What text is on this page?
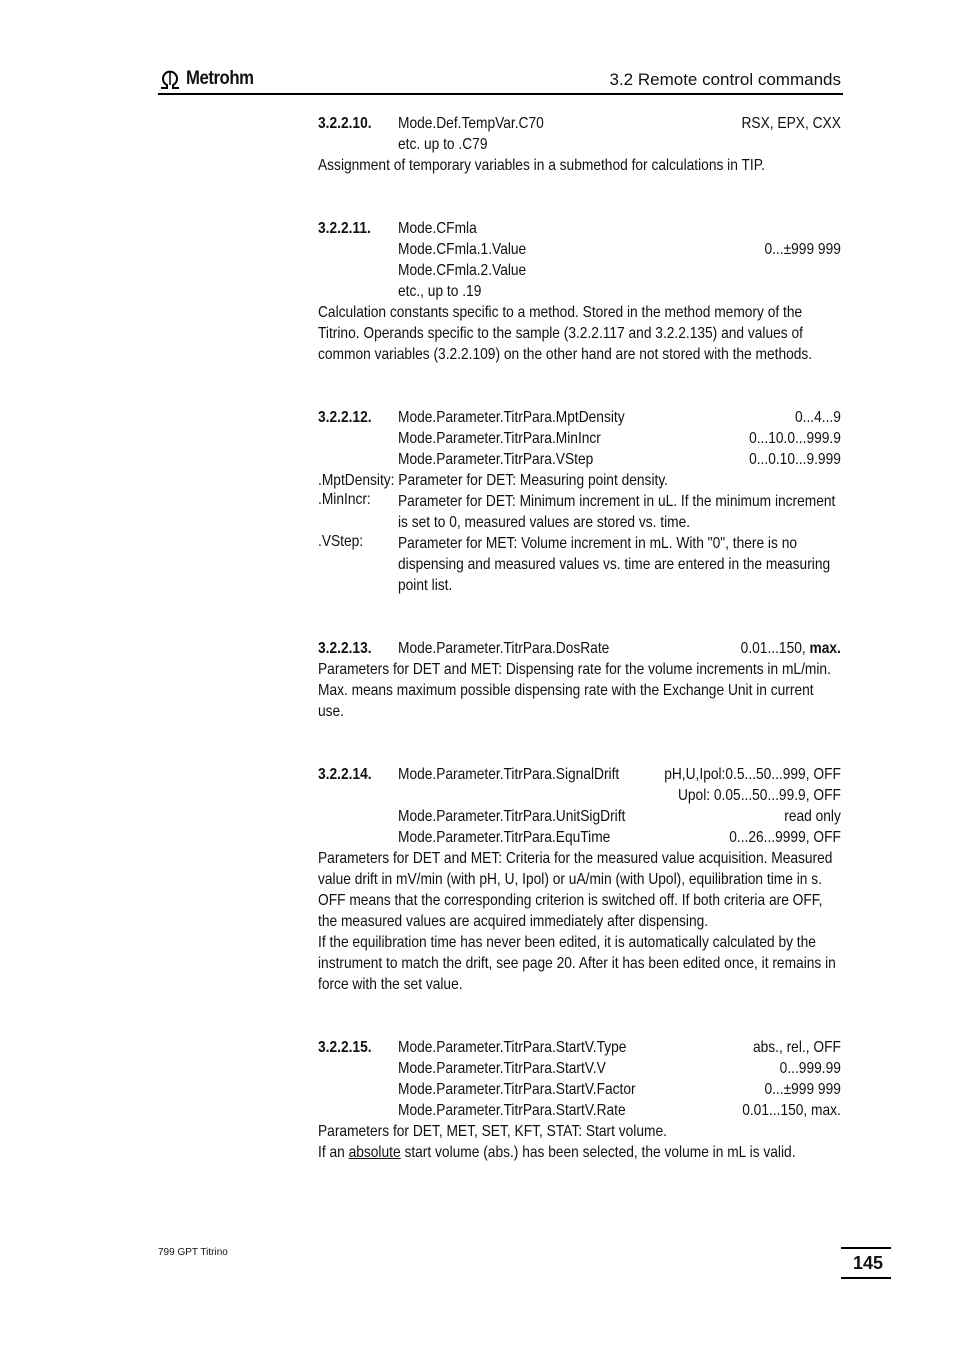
Metrohm	3.2 Remote control commands
3.2.2.10. Mode.Def.TempVar.C70	RSX, EPX, CXX
etc. up to .C79
Assignment of temporary variables in a submethod for calculations in TIP.
3.2.2.11. Mode.CFmla
Mode.CFmla.1.Value	0...±999 999
Mode.CFmla.2.Value
etc., up to .19
Calculation constants specific to a method. Stored in the method memory of the Titrino. Operands specific to the sample (3.2.2.117 and 3.2.2.135) and values of common variables (3.2.2.109) on the other hand are not stored with the methods.
3.2.2.12. Mode.Parameter.TitrPara.MptDensity	0...4...9
Mode.Parameter.TitrPara.MinIncr	0...10.0...999.9
Mode.Parameter.TitrPara.VStep	0...0.10...9.999
.MptDensity: Parameter for DET: Measuring point density.
.MinIncr: Parameter for DET: Minimum increment in uL. If the minimum increment is set to 0, measured values are stored vs. time.
.VStep: Parameter for MET: Volume increment in mL. With "0", there is no dispensing and measured values vs. time are entered in the measuring point list.
3.2.2.13. Mode.Parameter.TitrPara.DosRate	0.01...150, max.
Parameters for DET and MET: Dispensing rate for the volume increments in mL/min. Max. means maximum possible dispensing rate with the Exchange Unit in current use.
3.2.2.14. Mode.Parameter.TitrPara.SignalDrift	pH,U,Ipol:0.5...50...999, OFF
Upol: 0.05...50...99.9, OFF
Mode.Parameter.TitrPara.UnitSigDrift	read only
Mode.Parameter.TitrPara.EquTime	0...26...9999, OFF
Parameters for DET and MET: Criteria for the measured value acquisition. Measured value drift in mV/min (with pH, U, Ipol) or uA/min (with Upol), equilibration time in s. OFF means that the corresponding criterion is switched off. If both criteria are OFF, the measured values are acquired immediately after dispensing.
If the equilibration time has never been edited, it is automatically calculated by the instrument to match the drift, see page 20. After it has been edited once, it remains in force with the set value.
3.2.2.15. Mode.Parameter.TitrPara.StartV.Type	abs., rel., OFF
Mode.Parameter.TitrPara.StartV.V	0...999.99
Mode.Parameter.TitrPara.StartV.Factor	0...±999 999
Mode.Parameter.TitrPara.StartV.Rate	0.01...150, max.
Parameters for DET, MET, SET, KFT, STAT: Start volume.
If an absolute start volume (abs.) has been selected, the volume in mL is valid.
799 GPT Titrino
145
